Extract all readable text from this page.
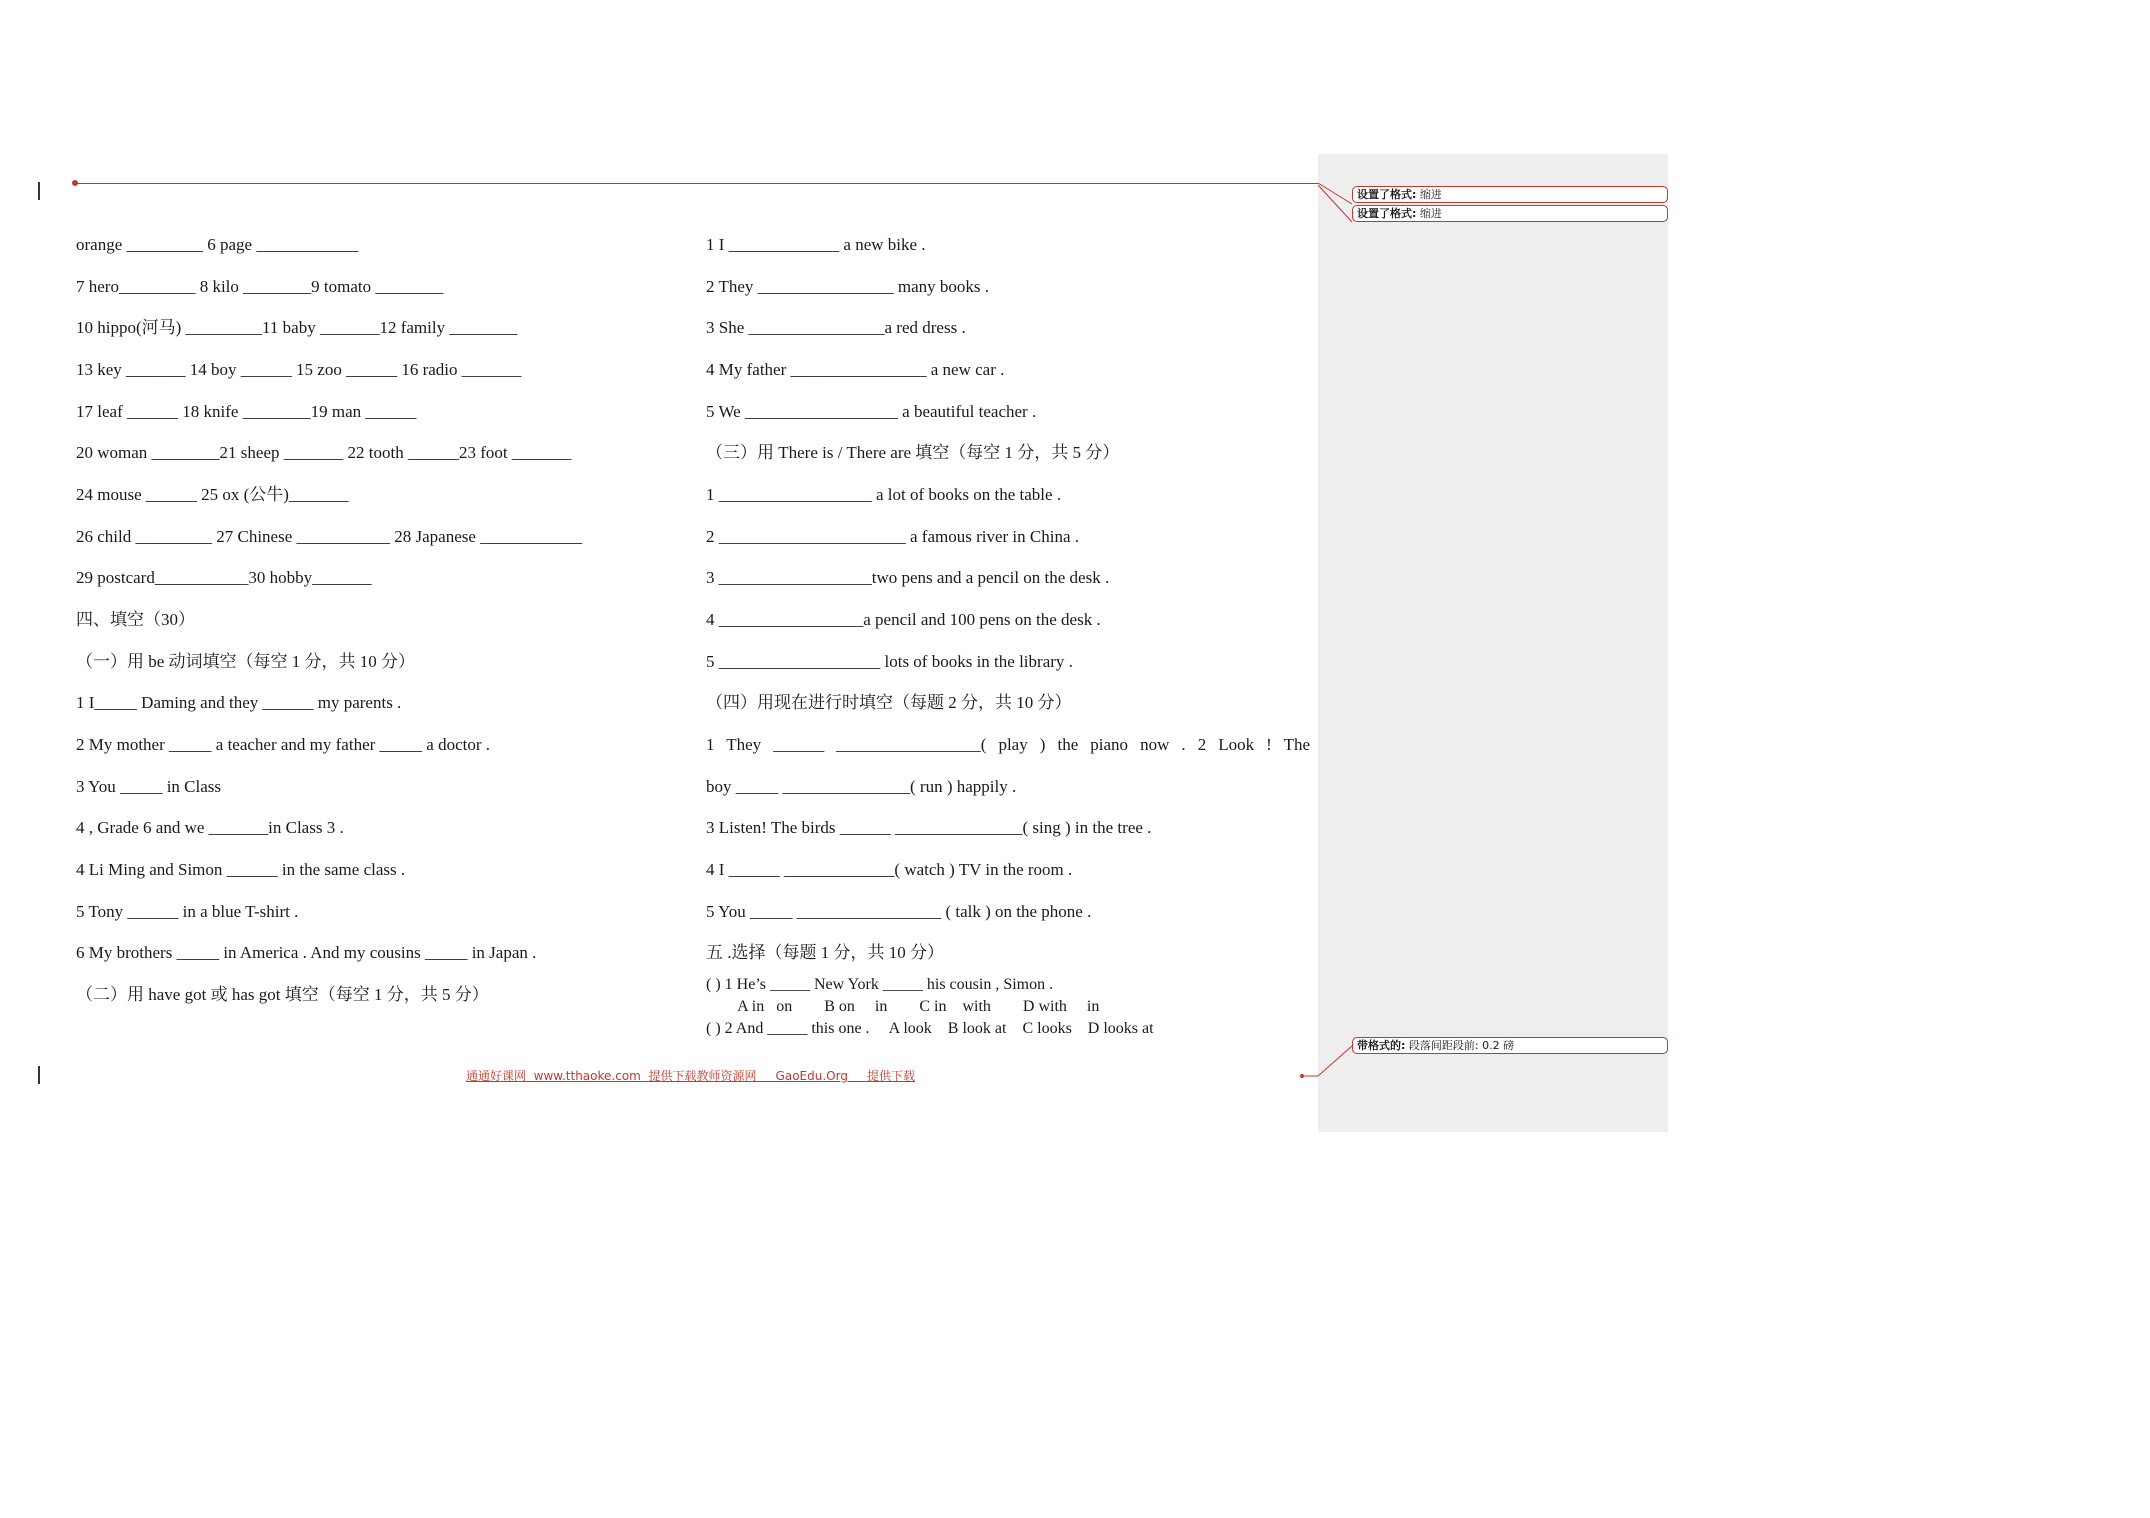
设置了格式: 缩进
设置了格式: 缩进
带格式的: 段落间距段前: 0.2 磅
orange _________ 6 page ____________
7 hero_________ 8 kilo ________9 tomato ________
10 hippo(河马) _________11 baby _______12 family ________
13 key _______ 14 boy ______ 15 zoo ______ 16 radio _______
17 leaf ______ 18 knife ________19 man ______
20 woman ________21 sheep _______ 22 tooth ______23 foot _______
24 mouse ______ 25 ox (公牛)_______
26 child _________ 27 Chinese ___________ 28 Japanese ____________
29 postcard___________30 hobby_______
四、填空（30）
（一）用 be 动词填空（每空 1 分，共 10 分）
1 I_____ Daming and they ______ my parents .
2 My mother _____ a teacher and my father _____ a doctor .
3 You _____ in Class
4 , Grade 6 and we _______in Class 3 .
4 Li Ming and Simon ______ in the same class .
5 Tony ______ in a blue T-shirt .
6 My brothers _____ in America . And my cousins _____ in Japan .
（二）用 have got 或 has got 填空（每空 1 分，共 5 分）
1 I _____________ a new bike .
2 They ________________ many books .
3 She ________________a red dress .
4 My father ________________ a new car .
5 We __________________ a beautiful teacher .
（三）用 There is / There are 填空（每空 1 分，共 5 分）
1 __________________ a lot of books on the table .
2 ______________________ a famous river in China .
3 __________________two pens and a pencil on the desk .
4 _________________a pencil and 100 pens on the desk .
5 ___________________ lots of books in the library .
（四）用现在进行时填空（每题 2 分，共 10 分）
1 They ______ _________________( play ) the piano now . 2 Look ! The
boy _____ _______________( run ) happily .
3 Listen! The birds ______ _______________( sing ) in the tree .
4 I ______ _____________( watch ) TV in the room .
5 You _____ _________________ ( talk ) on the phone .
五 .选择（每题 1 分，共 10 分）
( ) 1 He’s _____ New York _____ his cousin , Simon .
A in   on        B on     in        C in    with        D with     in
( ) 2 And _____ this one .     A look    B look at    C looks    D looks at
通通好课网  www.tthaoke.com  提供下载教师资源网     GaoEdu.Org     提供下载
